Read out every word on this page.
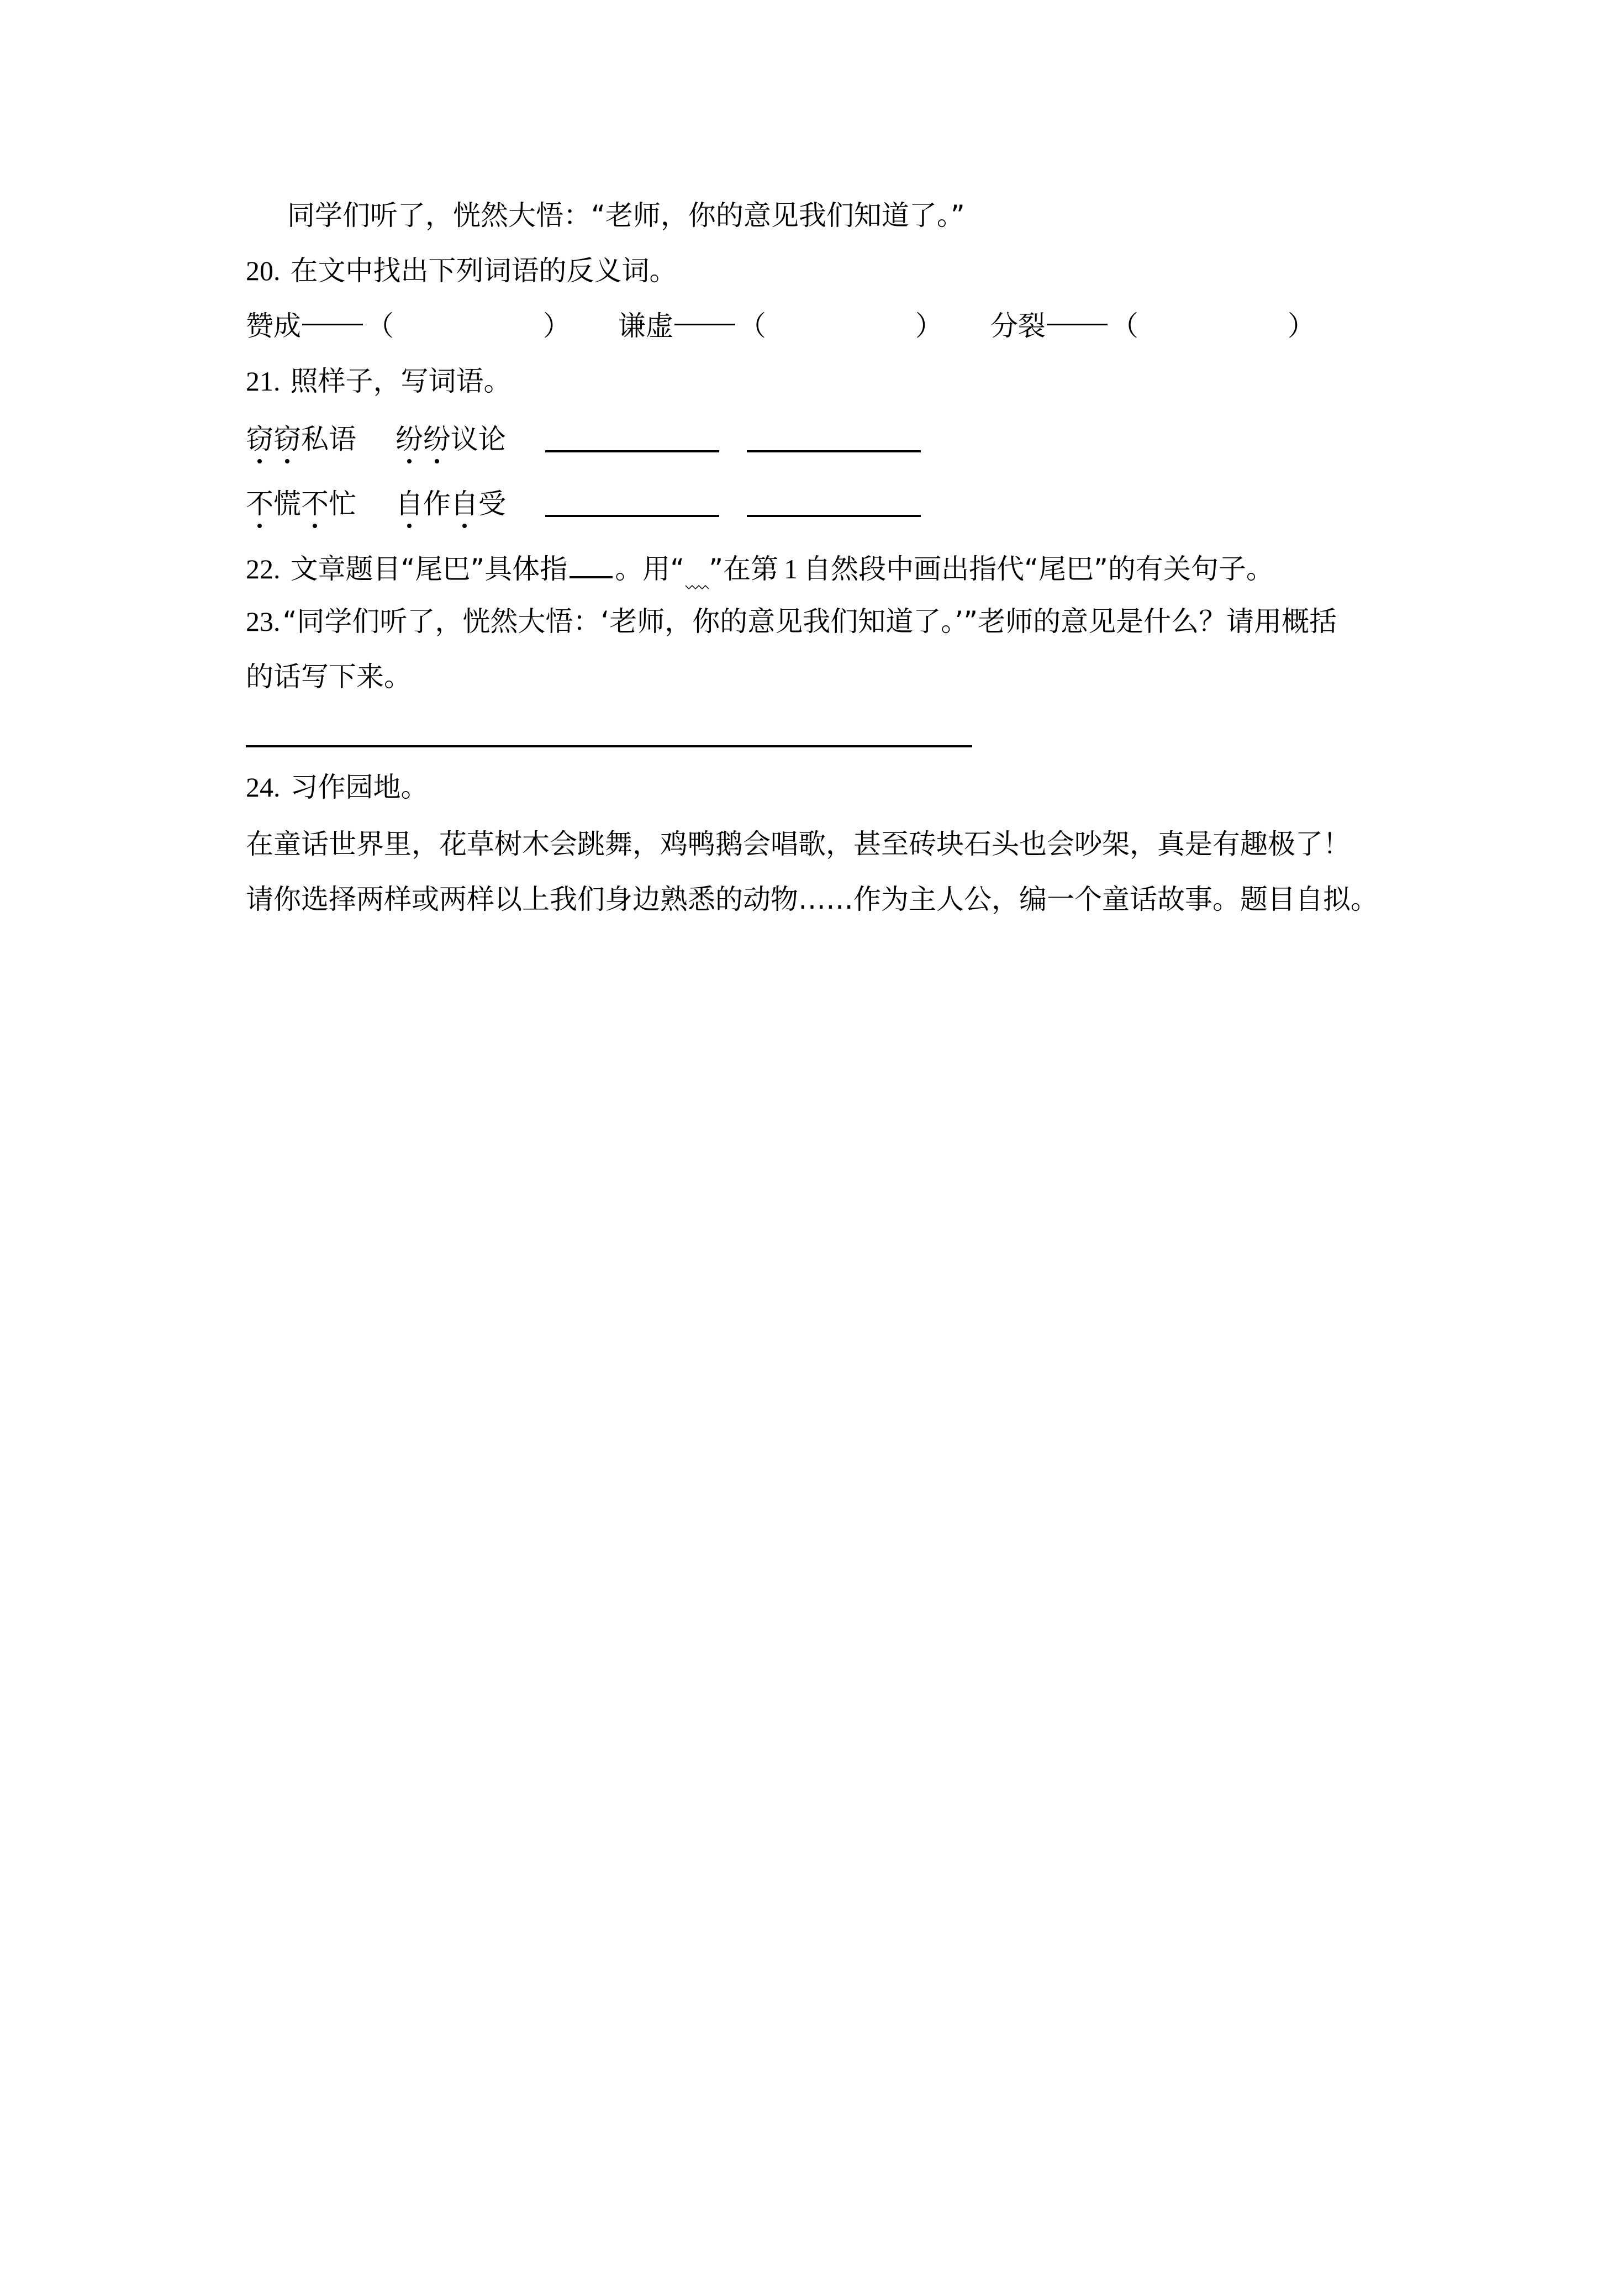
同学们听了，恍然大悟：“老师，你的意见我们知道了。”
20. 在文中找出下列词语的反义词。
赞成 （	） 谦虚 （	） 分裂 （	）
21. 照样子，写词语。
窃窃私语 纷纷议论
不慌不忙 自作自受
22. 文章题目“尾巴”具体指 。用“ ”在第 1 自然段中画出指代“尾巴”的有关句子。
23.“同学们听了，恍然大悟：‘老师，你的意见我们知道了。’”老师的意见是什么？请用概括
的话写下来。
24. 习作园地。
在童话世界里，花草树木会跳舞，鸡鸭鹅会唱歌，甚至砖块石头也会吵架，真是有趣极了！
请你选择两样或两样以上我们身边熟悉的动物……作为主人公，编一个童话故事。题目自拟。
